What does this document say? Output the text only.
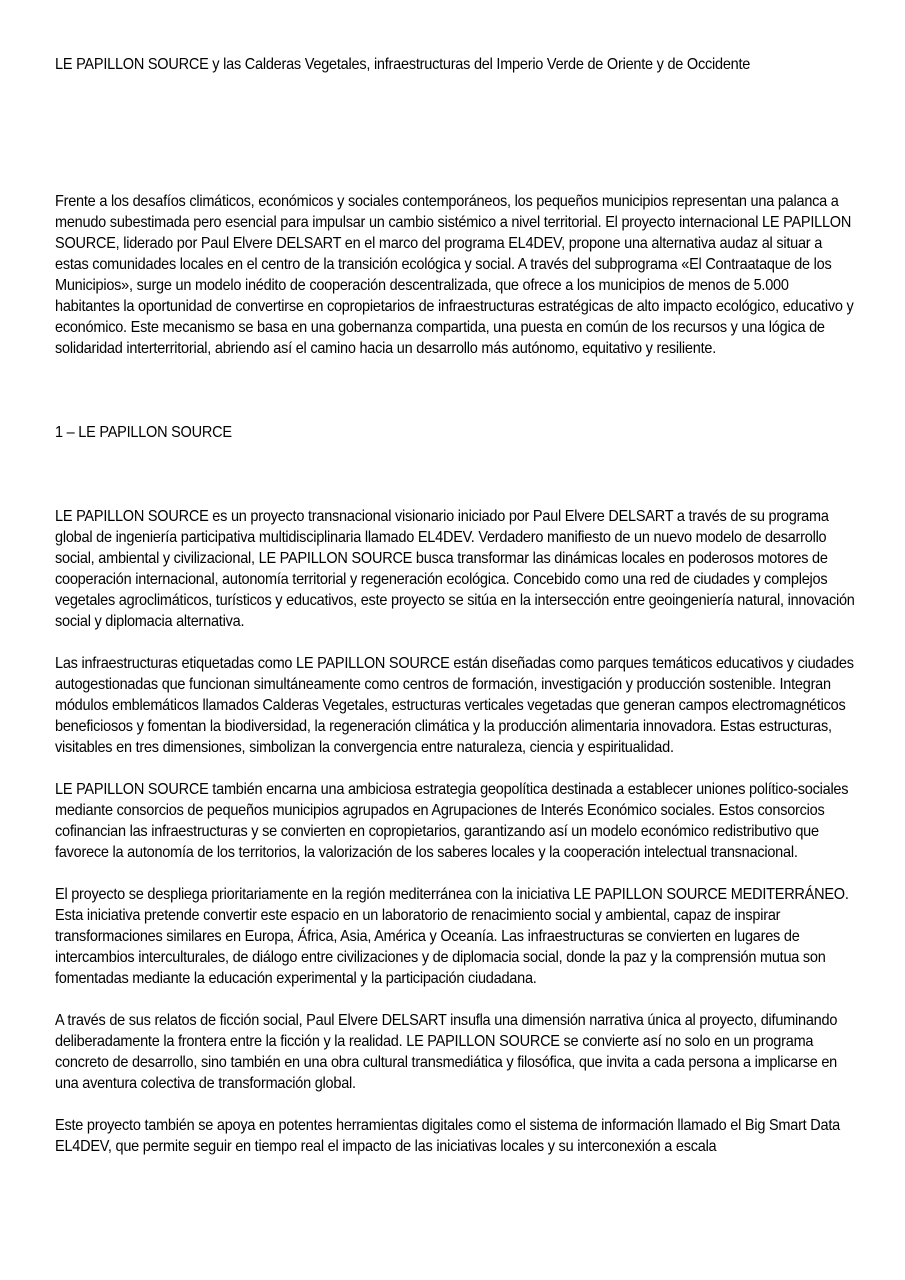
LE PAPILLON SOURCE y las Calderas Vegetales, infraestructuras del Imperio Verde de Oriente y de Occidente

Frente a los desafíos climáticos, económicos y sociales contemporáneos, los pequeños municipios representan una palanca a menudo subestimada pero esencial para impulsar un cambio sistémico a nivel territorial. El proyecto internacional LE PAPILLON SOURCE, liderado por Paul Elvere DELSART en el marco del programa EL4DEV, propone una alternativa audaz al situar a estas comunidades locales en el centro de la transición ecológica y social. A través del subprograma «El Contraataque de los Municipios», surge un modelo inédito de cooperación descentralizada, que ofrece a los municipios de menos de 5.000 habitantes la oportunidad de convertirse en copropietarios de infraestructuras estratégicas de alto impacto ecológico, educativo y económico. Este mecanismo se basa en una gobernanza compartida, una puesta en común de los recursos y una lógica de solidaridad interterritorial, abriendo así el camino hacia un desarrollo más autónomo, equitativo y resiliente.

1 – LE PAPILLON SOURCE

LE PAPILLON SOURCE es un proyecto transnacional visionario iniciado por Paul Elvere DELSART a través de su programa global de ingeniería participativa multidisciplinaria llamado EL4DEV. Verdadero manifiesto de un nuevo modelo de desarrollo social, ambiental y civilizacional, LE PAPILLON SOURCE busca transformar las dinámicas locales en poderosos motores de cooperación internacional, autonomía territorial y regeneración ecológica. Concebido como una red de ciudades y complejos vegetales agroclimáticos, turísticos y educativos, este proyecto se sitúa en la intersección entre geoingeniería natural, innovación social y diplomacia alternativa.

Las infraestructuras etiquetadas como LE PAPILLON SOURCE están diseñadas como parques temáticos educativos y ciudades autogestionadas que funcionan simultáneamente como centros de formación, investigación y producción sostenible. Integran módulos emblemáticos llamados Calderas Vegetales, estructuras verticales vegetadas que generan campos electromagnéticos beneficiosos y fomentan la biodiversidad, la regeneración climática y la producción alimentaria innovadora. Estas estructuras, visitables en tres dimensiones, simbolizan la convergencia entre naturaleza, ciencia y espiritualidad.

LE PAPILLON SOURCE también encarna una ambiciosa estrategia geopolítica destinada a establecer uniones político-sociales mediante consorcios de pequeños municipios agrupados en Agrupaciones de Interés Económico sociales. Estos consorcios cofinancian las infraestructuras y se convierten en copropietarios, garantizando así un modelo económico redistributivo que favorece la autonomía de los territorios, la valorización de los saberes locales y la cooperación intelectual transnacional.

El proyecto se despliega prioritariamente en la región mediterránea con la iniciativa LE PAPILLON SOURCE MEDITERRÁNEO. Esta iniciativa pretende convertir este espacio en un laboratorio de renacimiento social y ambiental, capaz de inspirar transformaciones similares en Europa, África, Asia, América y Oceanía. Las infraestructuras se convierten en lugares de intercambios interculturales, de diálogo entre civilizaciones y de diplomacia social, donde la paz y la comprensión mutua son fomentadas mediante la educación experimental y la participación ciudadana.

A través de sus relatos de ficción social, Paul Elvere DELSART insufla una dimensión narrativa única al proyecto, difuminando deliberadamente la frontera entre la ficción y la realidad. LE PAPILLON SOURCE se convierte así no solo en un programa concreto de desarrollo, sino también en una obra cultural transmediática y filosófica, que invita a cada persona a implicarse en una aventura colectiva de transformación global.

Este proyecto también se apoya en potentes herramientas digitales como el sistema de información llamado el Big Smart Data EL4DEV, que permite seguir en tiempo real el impacto de las iniciativas locales y su interconexión a escala
